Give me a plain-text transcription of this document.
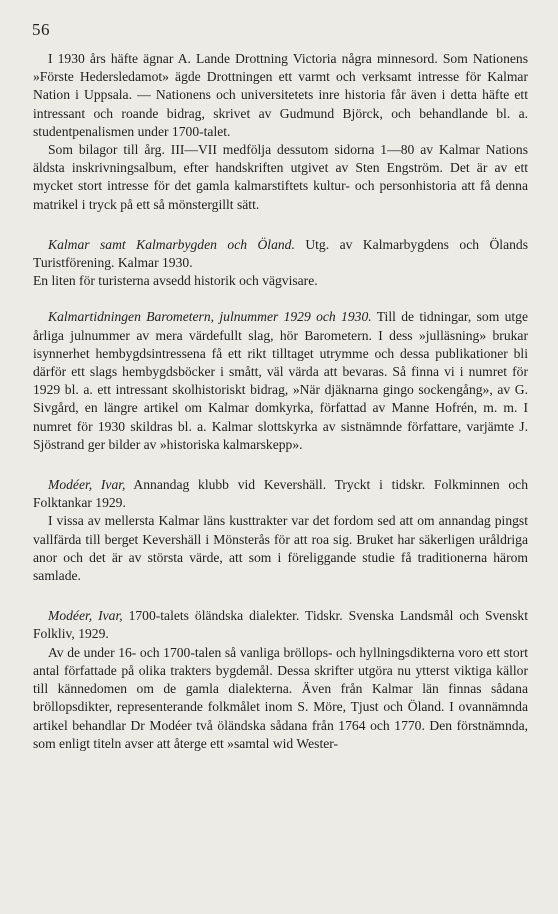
56

I 1930 års häfte ägnar A. Lande Drottning Victoria några minnesord. Som Nationens »Förste Hedersledamot» ägde Drottningen ett varmt och verksamt intresse för Kalmar Nation i Uppsala. — Nationens och universitetets inre historia får även i detta häfte ett intressant och roande bidrag, skrivet av Gudmund Björck, och behandlande bl. a. studentpenalismen under 1700-talet.

Som bilagor till årg. III—VII medfölja dessutom sidorna 1—80 av Kalmar Nations äldsta inskrivningsalbum, efter handskriften utgivet av Sten Engström. Det är av ett mycket stort intresse för det gamla kalmarstiftets kultur- och personhistoria att få denna matrikel i tryck på ett så mönstergillt sätt.

Kalmar samt Kalmarbygden och Öland. Utg. av Kalmarbygdens och Ölands Turistförening. Kalmar 1930.

En liten för turisterna avsedd historik och vägvisare.

Kalmartidningen Barometern, julnummer 1929 och 1930. Till de tidningar, som utge årliga julnummer av mera värdefullt slag, hör Barometern. I dess »julläsning» brukar isynnerhet hembygdsintressena få ett rikt tilltaget utrymme och dessa publikationer bli därför ett slags hembygdsböcker i smått, väl värda att bevaras. Så finna vi i numret för 1929 bl. a. ett intressant skolhistoriskt bidrag, »När djäknarna gingo sockengång», av G. Sivgård, en längre artikel om Kalmar domkyrka, författad av Manne Hofrén, m. m. I numret för 1930 skildras bl. a. Kalmar slottskyrka av sistnämnde författare, varjämte J. Sjöstrand ger bilder av »historiska kalmarskepp».

Modéer, Ivar, Annandag klubb vid Kevershäll. Tryckt i tidskr. Folkminnen och Folktankar 1929.

I vissa av mellersta Kalmar läns kusttrakter var det fordom sed att om annandag pingst vallfärda till berget Kevershäll i Mönsterås för att roa sig. Bruket har säkerligen uråldriga anor och det är av största värde, att som i föreliggande studie få traditionerna härom samlade.

Modéer, Ivar, 1700-talets öländska dialekter. Tidskr. Svenska Landsmål och Svenskt Folkliv, 1929.

Av de under 16- och 1700-talen så vanliga bröllops- och hyllningsdikterna voro ett stort antal författade på olika trakters bygdemål. Dessa skrifter utgöra nu ytterst viktiga källor till kännedomen om de gamla dialekterna. Även från Kalmar län finnas sådana bröllopsdikter, representerande folkmålet inom S. Möre, Tjust och Öland. I ovannämnda artikel behandlar Dr Modéer två öländska sådana från 1764 och 1770. Den förstnämnda, som enligt titeln avser att återge ett »samtal wid Wester-
